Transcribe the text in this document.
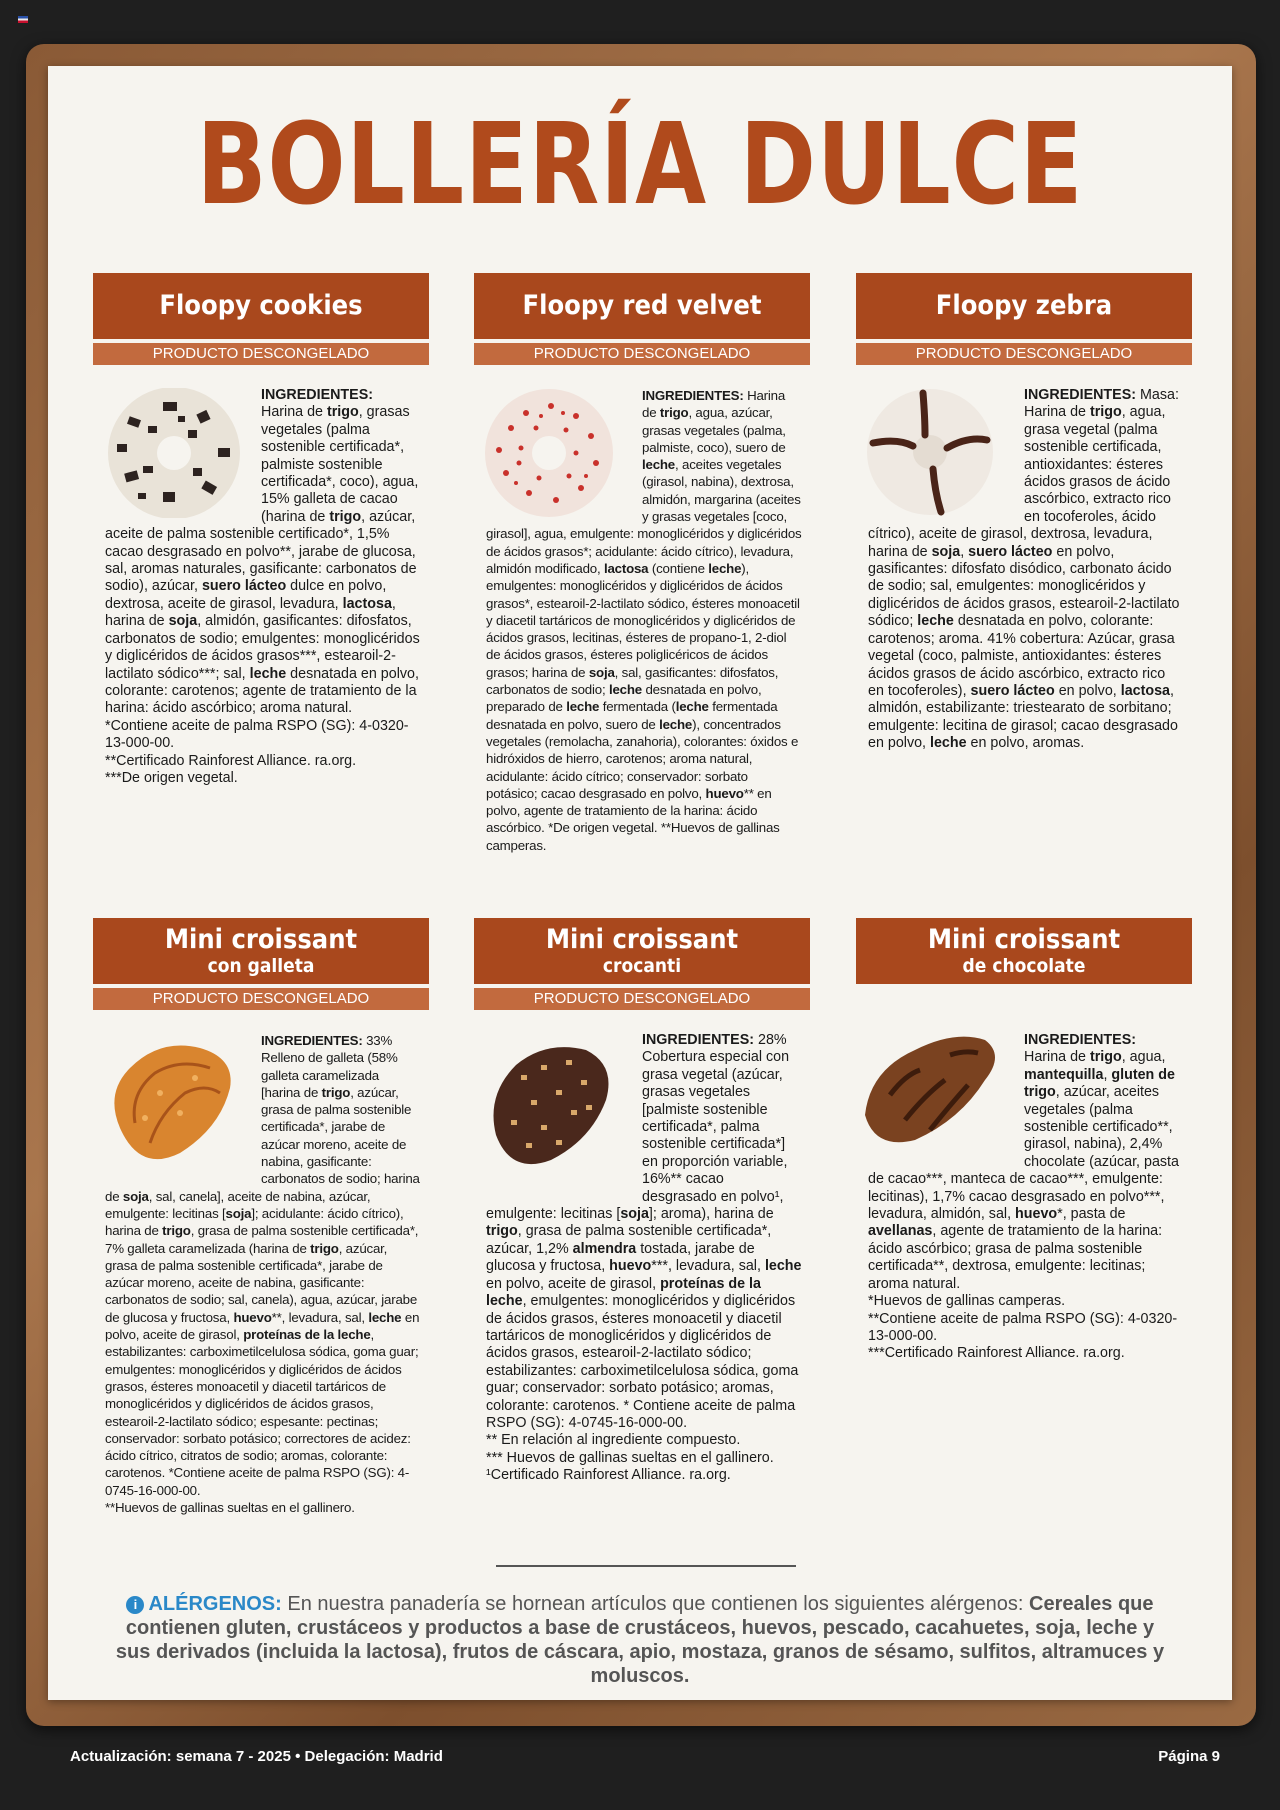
BOLLERÍA DULCE
Floopy cookies
PRODUCTO DESCONGELADO
INGREDIENTES:
Harina de trigo, grasas vegetales (palma sostenible certificada*, palmiste sostenible certificada*, coco), agua, 15% galleta de cacao (harina de trigo, azúcar, aceite de palma sostenible certificado*, 1,5% cacao desgrasado en polvo**, jarabe de glucosa, sal, aromas naturales, gasificante: carbonatos de sodio), azúcar, suero lácteo dulce en polvo, dextrosa, aceite de girasol, levadura, lactosa, harina de soja, almidón, gasificantes: difosfatos, carbonatos de sodio; emulgentes: monoglicéridos y diglicéridos de ácidos grasos***, estearoil-2-lactilato sódico***; sal, leche desnatada en polvo, colorante: carotenos; agente de tratamiento de la harina: ácido ascórbico; aroma natural.
*Contiene aceite de palma RSPO (SG): 4-0320-13-000-00.
**Certificado Rainforest Alliance. ra.org.
***De origen vegetal.
Floopy red velvet
PRODUCTO DESCONGELADO
INGREDIENTES: Harina de trigo, agua, azúcar, grasas vegetales (palma, palmiste, coco), suero de leche, aceites vegetales (girasol, nabina), dextrosa, almidón, margarina (aceites y grasas vegetales [coco, girasol], agua, emulgente: monoglicéridos y diglicéridos de ácidos grasos*; acidulante: ácido cítrico), levadura, almidón modificado, lactosa (contiene leche), emulgentes: monoglicéridos y diglicéridos de ácidos grasos*, estearoil-2-lactilato sódico, ésteres monoacetil y diacetil tartáricos de monoglicéridos y diglicéridos de ácidos grasos, lecitinas, ésteres de propano-1, 2-diol de ácidos grasos, ésteres poliglicéricos de ácidos grasos; harina de soja, sal, gasificantes: difosfatos, carbonatos de sodio; leche desnatada en polvo, preparado de leche fermentada (leche fermentada desnatada en polvo, suero de leche), concentrados vegetales (remolacha, zanahoria), colorantes: óxidos e hidróxidos de hierro, carotenos; aroma natural, acidulante: ácido cítrico; conservador: sorbato potásico; cacao desgrasado en polvo, huevo** en polvo, agente de tratamiento de la harina: ácido ascórbico. *De origen vegetal. **Huevos de gallinas camperas.
Floopy zebra
PRODUCTO DESCONGELADO
INGREDIENTES: Masa: Harina de trigo, agua, grasa vegetal (palma sostenible certificada, antioxidantes: ésteres ácidos grasos de ácido ascórbico, extracto rico en tocoferoles, ácido cítrico), aceite de girasol, dextrosa, levadura, harina de soja, suero lácteo en polvo, gasificantes: difosfato disódico, carbonato ácido de sodio; sal, emulgentes: monoglicéridos y diglicéridos de ácidos grasos, estearoil-2-lactilato sódico; leche desnatada en polvo, colorante: carotenos; aroma. 41% cobertura: Azúcar, grasa vegetal (coco, palmiste, antioxidantes: ésteres ácidos grasos de ácido ascórbico, extracto rico en tocoferoles), suero lácteo en polvo, lactosa, almidón, estabilizante: triestearato de sorbitano; emulgente: lecitina de girasol; cacao desgrasado en polvo, leche en polvo, aromas.
Mini croissant
con galleta
PRODUCTO DESCONGELADO
INGREDIENTES: 33% Relleno de galleta (58% galleta caramelizada [harina de trigo, azúcar, grasa de palma sostenible certificada*, jarabe de azúcar moreno, aceite de nabina, gasificante: carbonatos de sodio; harina de soja, sal, canela], aceite de nabina, azúcar, emulgente: lecitinas [soja]; acidulante: ácido cítrico), harina de trigo, grasa de palma sostenible certificada*, 7% galleta caramelizada (harina de trigo, azúcar, grasa de palma sostenible certificada*, jarabe de azúcar moreno, aceite de nabina, gasificante: carbonatos de sodio; sal, canela), agua, azúcar, jarabe de glucosa y fructosa, huevo**, levadura, sal, leche en polvo, aceite de girasol, proteínas de la leche, estabilizantes: carboximetilcelulosa sódica, goma guar; emulgentes: monoglicéridos y diglicéridos de ácidos grasos, ésteres monoacetil y diacetil tartáricos de monoglicéridos y diglicéridos de ácidos grasos, estearoil-2-lactilato sódico; espesante: pectinas; conservador: sorbato potásico; correctores de acidez: ácido cítrico, citratos de sodio; aromas, colorante: carotenos. *Contiene aceite de palma RSPO (SG): 4-0745-16-000-00.
**Huevos de gallinas sueltas en el gallinero.
Mini croissant
crocanti
PRODUCTO DESCONGELADO
INGREDIENTES: 28% Cobertura especial con grasa vegetal (azúcar, grasas vegetales [palmiste sostenible certificada*, palma sostenible certificada*] en proporción variable, 16%** cacao desgrasado en polvo¹, emulgente: lecitinas [soja]; aroma), harina de trigo, grasa de palma sostenible certificada*, azúcar, 1,2% almendra tostada, jarabe de glucosa y fructosa, huevo***, levadura, sal, leche en polvo, aceite de girasol, proteínas de la leche, emulgentes: monoglicéridos y diglicéridos de ácidos grasos, ésteres monoacetil y diacetil tartáricos de monoglicéridos y diglicéridos de ácidos grasos, estearoil-2-lactilato sódico; estabilizantes: carboximetilcelulosa sódica, goma guar; conservador: sorbato potásico; aromas, colorante: carotenos. * Contiene aceite de palma RSPO (SG): 4-0745-16-000-00.
** En relación al ingrediente compuesto.
*** Huevos de gallinas sueltas en el gallinero.
¹Certificado Rainforest Alliance. ra.org.
Mini croissant
de chocolate
INGREDIENTES:
Harina de trigo, agua, mantequilla, gluten de trigo, azúcar, aceites vegetales (palma sostenible certificado**, girasol, nabina), 2,4% chocolate (azúcar, pasta de cacao***, manteca de cacao***, emulgente: lecitinas), 1,7% cacao desgrasado en polvo***, levadura, almidón, sal, huevo*, pasta de avellanas, agente de tratamiento de la harina: ácido ascórbico; grasa de palma sostenible certificada**, dextrosa, emulgente: lecitinas; aroma natural.
*Huevos de gallinas camperas.
**Contiene aceite de palma RSPO (SG): 4-0320-13-000-00.
***Certificado Rainforest Alliance. ra.org.
i ALÉRGENOS: En nuestra panadería se hornean artículos que contienen los siguientes alérgenos: Cereales que contienen gluten, crustáceos y productos a base de crustáceos, huevos, pescado, cacahuetes, soja, leche y sus derivados (incluida la lactosa), frutos de cáscara, apio, mostaza, granos de sésamo, sulfitos, altramuces y moluscos.
Actualización: semana 7 - 2025 • Delegación: Madrid	Página 9
